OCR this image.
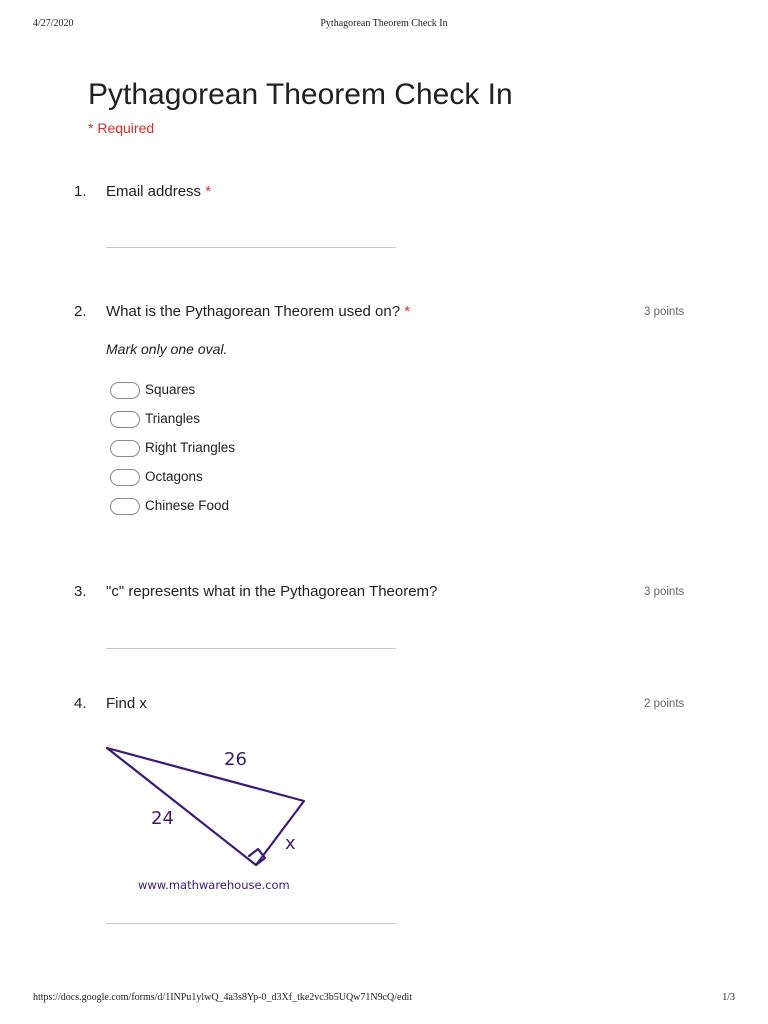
4/27/2020	Pythagorean Theorem Check In
Pythagorean Theorem Check In
* Required
1. Email address *
2. What is the Pythagorean Theorem used on? *	3 points
Mark only one oval.
Squares
Triangles
Right Triangles
Octagons
Chinese Food
3. "c" represents what in the Pythagorean Theorem?	3 points
4. Find x	2 points
26
24
x
www.mathwarehouse.com
https://docs.google.com/forms/d/1INPu1ylwQ_4a3s8Yp-0_d3Xf_tke2vc3b5UQw71N9cQ/edit	1/3
